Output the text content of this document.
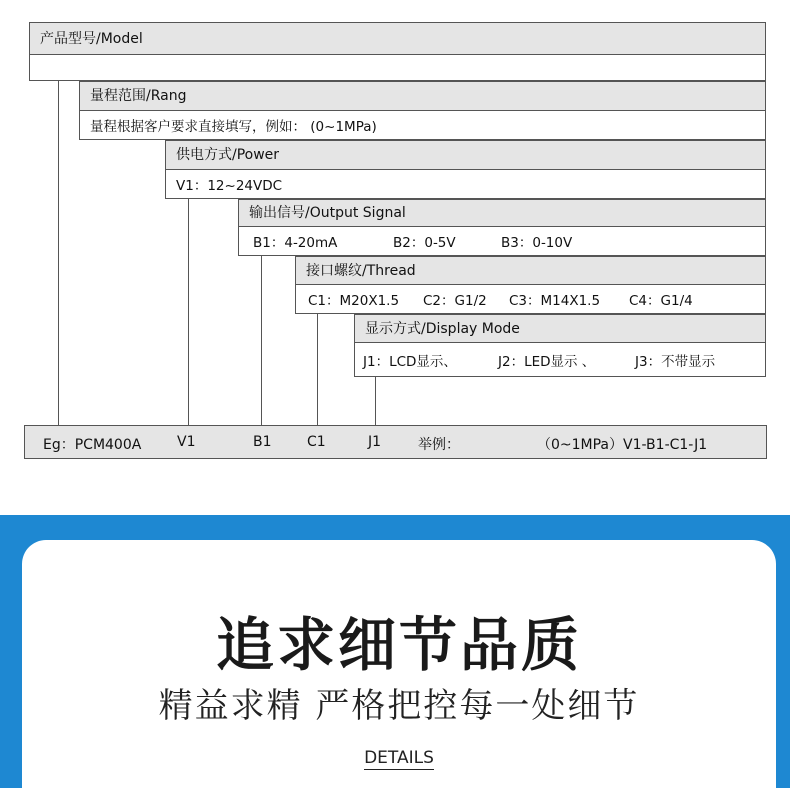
产品型号/Model
量程范围/Rang
量程根据客户要求直接填写，例如： (0~1MPa)
供电方式/Power
V1：12~24VDC
输出信号/Output Signal
B1：4-20mA	B2：0-5V	B3：0-10V
接口螺纹/Thread
C1：M20X1.5 C2：G1/2 C3：M14X1.5 C4：G1/4
显示方式/Display Mode
J1：LCD显示、	J2：LED显示 、	J3：不带显示
Eg：PCM400A	V1	B1	C1	J1	举例：	（0~1MPa）V1-B1-C1-J1
追求细节品质
精益求精 严格把控每一处细节
DETAILS
